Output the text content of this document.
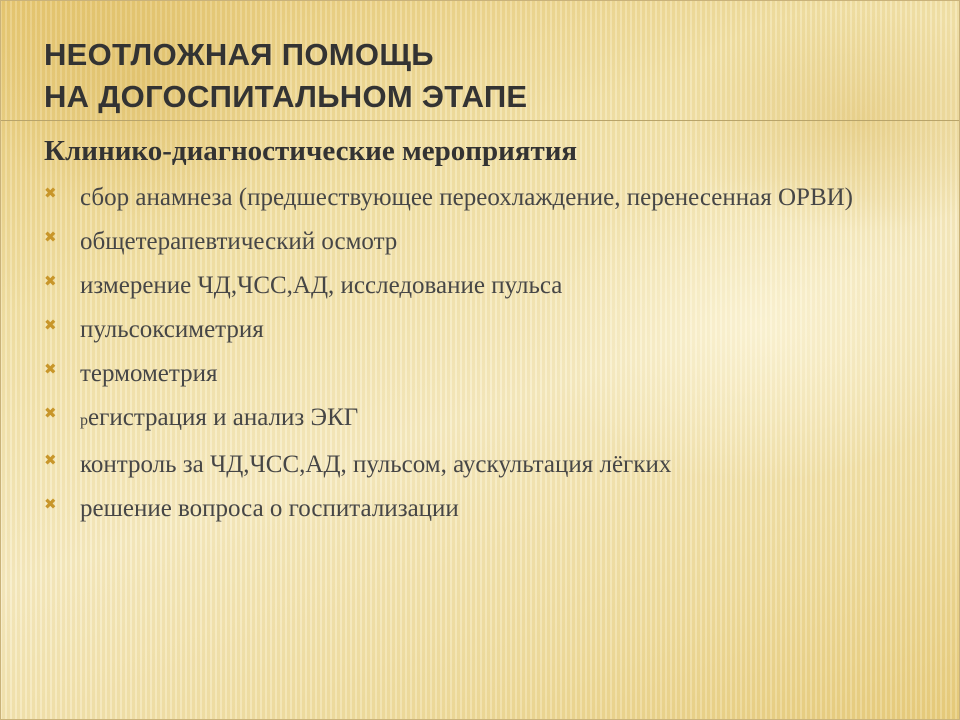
НЕОТЛОЖНАЯ ПОМОЩЬ
НА ДОГОСПИТАЛЬНОМ ЭТАПЕ
Клинико-диагностические мероприятия
✖ сбор анамнеза (предшествующее переохлаждение, перенесенная ОРВИ)
✖ общетерапевтический осмотр
✖ измерение ЧД,ЧСС,АД, исследование пульса
✖ пульсоксиметрия
✖ термометрия
✖	регистрация и анализ ЭКГ
✖ контроль за ЧД,ЧСС,АД, пульсом, аускультация лёгких
✖ решение вопроса о госпитализации
